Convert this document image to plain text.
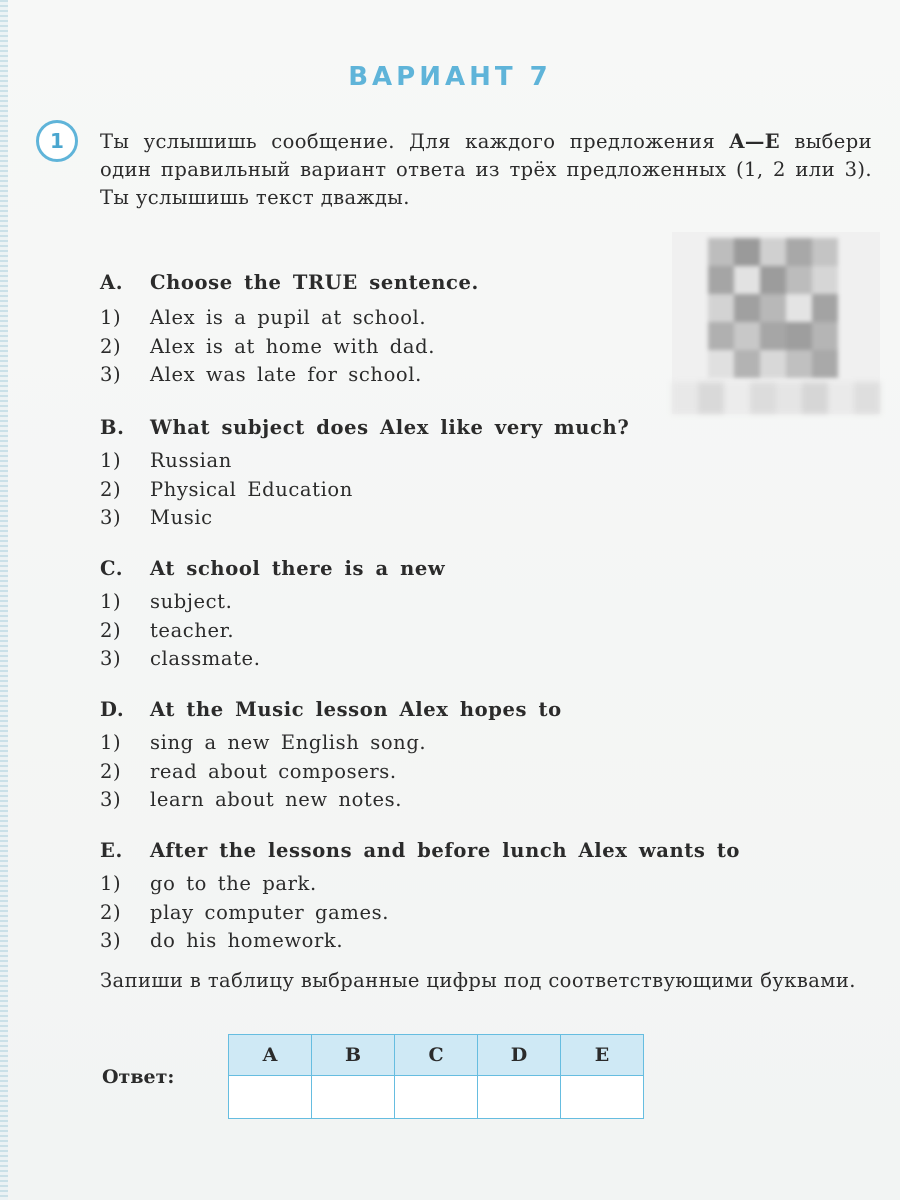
ВАРИАНТ 7
1	Ты услышишь сообщение. Для каждого предложения A—E выбери один правильный вариант ответа из трёх предложенных (1, 2 или 3). Ты услышишь текст дважды.
A. Choose the TRUE sentence.
1) Alex is a pupil at school.
2) Alex is at home with dad.
3) Alex was late for school.
B. What subject does Alex like very much?
1) Russian
2) Physical Education
3) Music
C. At school there is a new
1) subject.
2) teacher.
3) classmate.
D. At the Music lesson Alex hopes to
1) sing a new English song.
2) read about composers.
3) learn about new notes.
E. After the lessons and before lunch Alex wants to
1) go to the park.
2) play computer games.
3) do his homework.
Запиши в таблицу выбранные цифры под соответствующими буквами.
Ответ:
A	B	C	D	E
